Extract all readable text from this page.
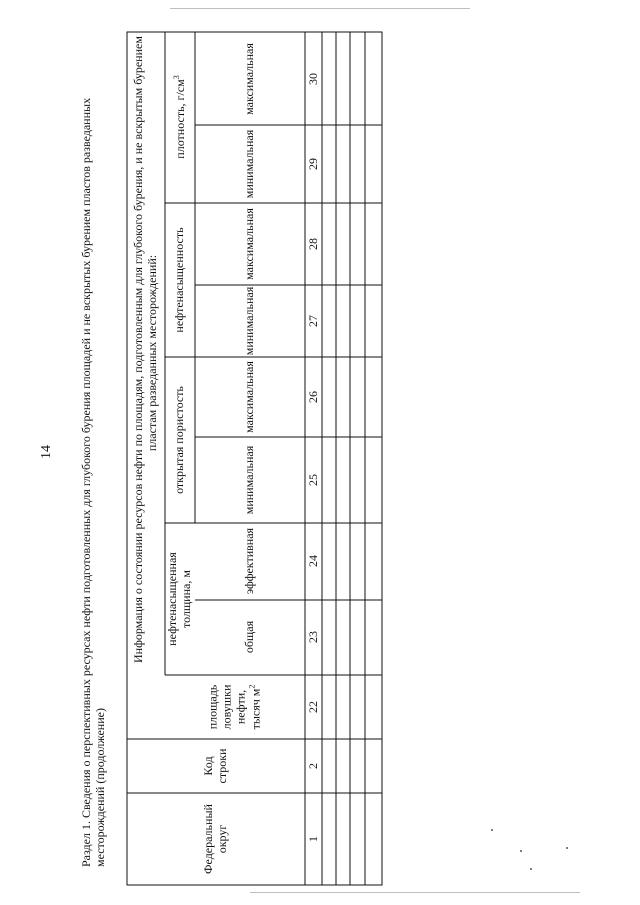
14 Раздел 1. Сведения о перспективных ресурсах нефти подготовленных для глубокого бурения площадей и не вскрытых бурением пластов разведанных месторождений (продолжение)
Информация о состоянии ресурсов нефти по площадям, подготовленным для глубокого бурения, и не вскрытым бурением пластам разведанных месторождений:
Федеральный округ
Код строки
площадь ловушки нефти, тысяч $м^2$
нефтенасыщенная толщина, м
общая
эффективная
открытая пористость	минимальная
максимальная
нефтенасыщенность	минимальная
максимальная
плотность, $г/см^3$
минимальная
максимальная
1
2
22
23
24
25
26
27
28
29
30
